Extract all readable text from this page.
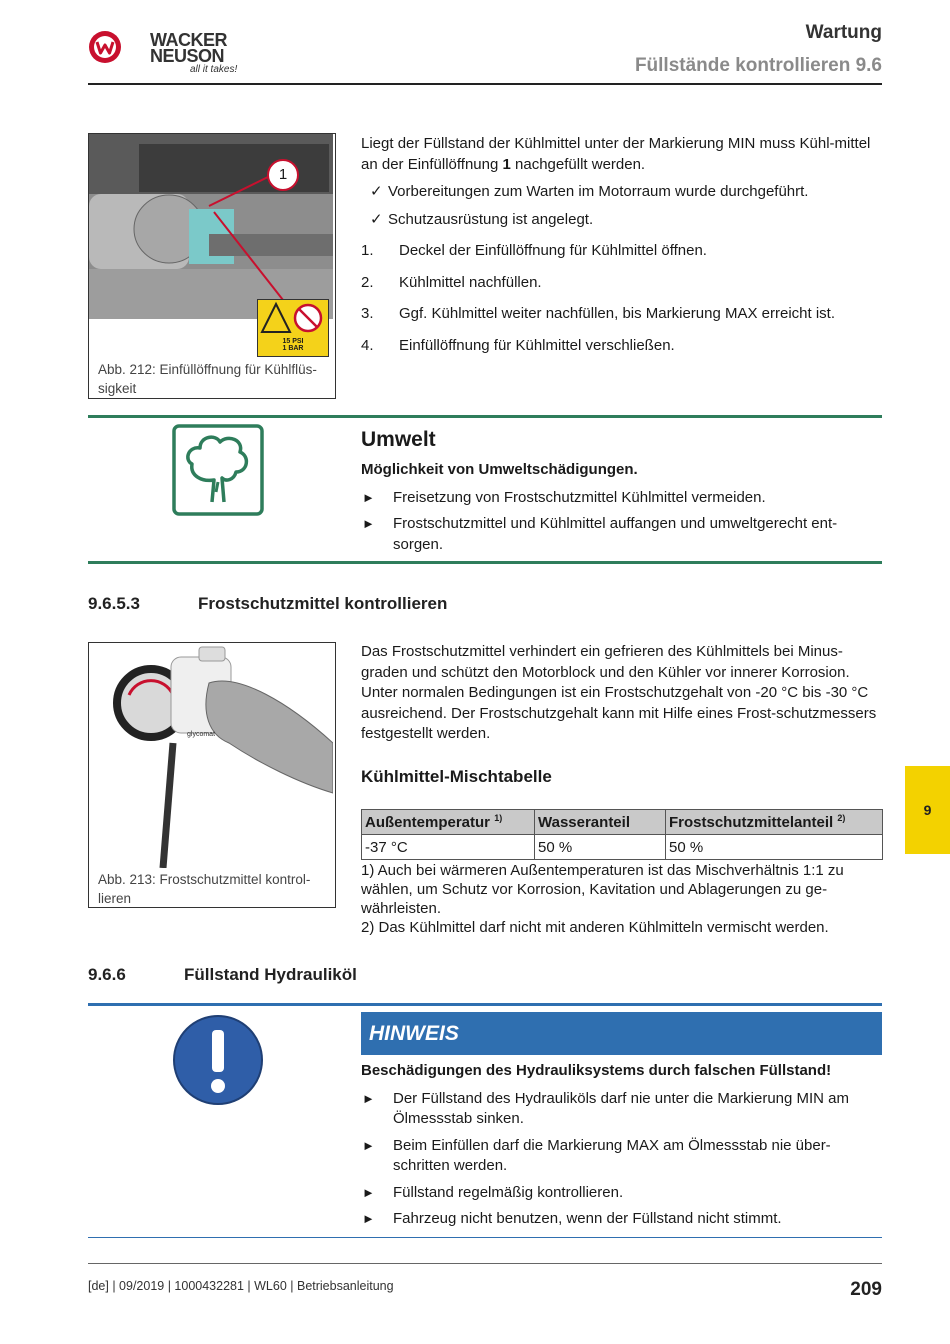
WACKER
NEUSON
all it takes!
Wartung
Füllstände kontrollieren 9.6
1
15 PSI
1 BAR
Abb. 212: Einfüllöffnung für Kühlflüs-sigkeit
Liegt der Füllstand der Kühlmittel unter der Markierung MIN muss Kühl-mittel an der Einfüllöffnung 1 nachgefüllt werden.
✓ Vorbereitungen zum Warten im Motorraum wurde durchgeführt.
✓ Schutzausrüstung ist angelegt.
1. Deckel der Einfüllöffnung für Kühlmittel öffnen.
2. Kühlmittel nachfüllen.
3. Ggf. Kühlmittel weiter nachfüllen, bis Markierung MAX erreicht ist.
4. Einfüllöffnung für Kühlmittel verschließen.
Umwelt
Möglichkeit von Umweltschädigungen.
► Freisetzung von Frostschutzmittel Kühlmittel vermeiden.
► Frostschutzmittel und Kühlmittel auffangen und umweltgerecht ent-sorgen.
9.6.5.3	Frostschutzmittel kontrollieren
glycomat
Abb. 213: Frostschutzmittel kontrol-lieren
Das Frostschutzmittel verhindert ein gefrieren des Kühlmittels bei Minus-graden und schützt den Motorblock und den Kühler vor innerer Korrosion. Unter normalen Bedingungen ist ein Frostschutzgehalt von -20 °C bis -30 °C ausreichend. Der Frostschutzgehalt kann mit Hilfe eines Frost-schutzmessers festgestellt werden.
Kühlmittel-Mischtabelle
Außentemperatur $^{1)}$	Wasseranteil	Frostschutzmittelanteil $^{2)}$
-37 °C	50 %	50 %
1) Auch bei wärmeren Außentemperaturen ist das Mischverhältnis 1:1 zu wählen, um Schutz vor Korrosion, Kavitation und Ablagerungen zu ge-währleisten.
2) Das Kühlmittel darf nicht mit anderen Kühlmitteln vermischt werden.
9
9.6.6	Füllstand Hydrauliköl
HINWEIS
Beschädigungen des Hydrauliksystems durch falschen Füllstand!
► Der Füllstand des Hydrauliköls darf nie unter die Markierung MIN am Ölmessstab sinken.
► Beim Einfüllen darf die Markierung MAX am Ölmessstab nie über-schritten werden.
► Füllstand regelmäßig kontrollieren.
► Fahrzeug nicht benutzen, wenn der Füllstand nicht stimmt.
[de] | 09/2019 | 1000432281 | WL60 | Betriebsanleitung	209
